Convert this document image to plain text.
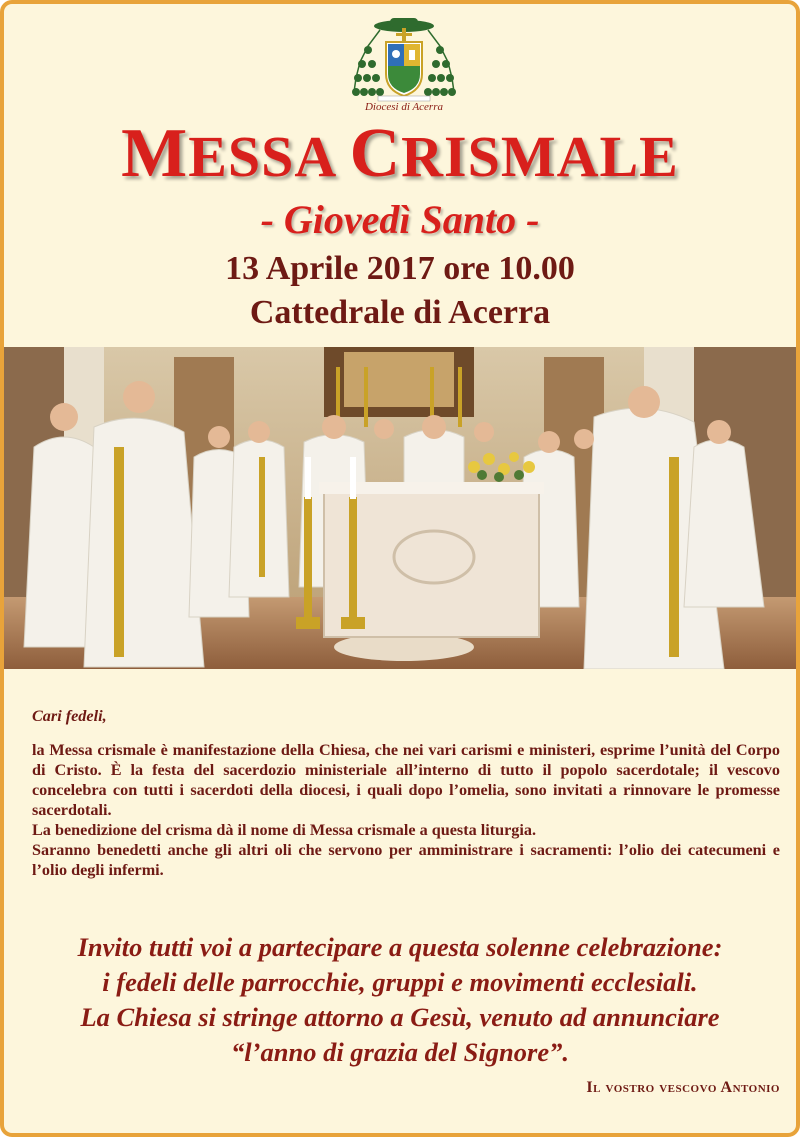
Diocesi di Acerra
MESSA CRISMALE
- Giovedì Santo -
13 Aprile 2017 ore 10.00
Cattedrale di Acerra
Cari fedeli,
la Messa crismale è manifestazione della Chiesa, che nei vari carismi e ministeri, esprime l’unità del Corpo di Cristo. È la festa del sacerdozio ministeriale all’interno di tutto il popolo sacerdotale; il vescovo concelebra con tutti i sacerdoti della diocesi, i quali dopo l’omelia, sono invitati a rinnovare le promesse sacerdotali.
La benedizione del crisma dà il nome di Messa crismale a questa liturgia.
Saranno benedetti anche gli altri oli che servono per amministrare i sacramenti: l’olio dei catecumeni e l’olio degli infermi.
Invito tutti voi a partecipare a questa solenne celebrazione:
i fedeli delle parrocchie, gruppi e movimenti ecclesiali.
La Chiesa si stringe attorno a Gesù, venuto ad annunciare
“l’anno di grazia del Signore”.
Il vostro vescovo Antonio
